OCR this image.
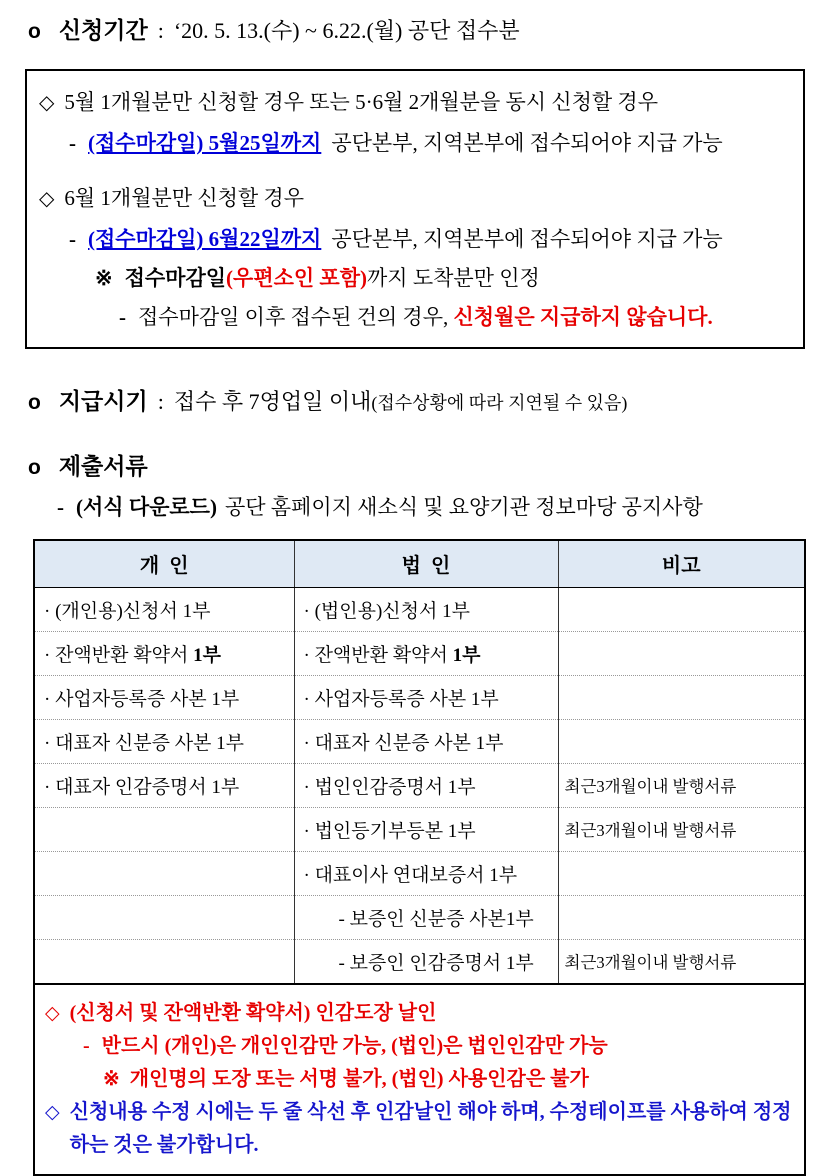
o 신청기간 : ‘20. 5. 13.(수) ~ 6.22.(월) 공단 접수분
◇ 5월 1개월분만 신청할 경우 또는 5·6월 2개월분을 동시 신청할 경우
- (접수마감일) 5월25일까지 공단본부, 지역본부에 접수되어야 지급 가능
◇ 6월 1개월분만 신청할 경우
- (접수마감일) 6월22일까지 공단본부, 지역본부에 접수되어야 지급 가능
※ 접수마감일(우편소인 포함)까지 도착분만 인정
- 접수마감일 이후 접수된 건의 경우, 신청월은 지급하지 않습니다.
o 지급시기 : 접수 후 7영업일 이내 (접수상황에 따라 지연될 수 있음)
o 제출서류
- (서식 다운로드) 공단 홈페이지 새소식 및 요양기관 정보마당 공지사항
개  인	법  인	비고
· (개인용)신청서 1부	· (법인용)신청서 1부	
· 잔액반환 확약서 1부	· 잔액반환 확약서 1부	
· 사업자등록증 사본 1부	· 사업자등록증 사본 1부	
· 대표자 신분증 사본 1부	· 대표자 신분증 사본 1부	
· 대표자 인감증명서 1부	· 법인인감증명서 1부	최근3개월이내 발행서류
	· 법인등기부등본 1부	최근3개월이내 발행서류
	· 대표이사 연대보증서 1부	
	- 보증인 신분증 사본1부	
	- 보증인 인감증명서 1부	최근3개월이내 발행서류
◇ (신청서 및 잔액반환 확약서) 인감도장 날인
- 반드시 (개인)은 개인인감만 가능, (법인)은 법인인감만 가능
※ 개인명의 도장 또는 서명 불가, (법인) 사용인감은 불가
◇ 신청내용 수정 시에는 두 줄 삭선 후 인감날인 해야 하며, 수정테이프를 사용하여 정정하는 것은 불가합니다.
